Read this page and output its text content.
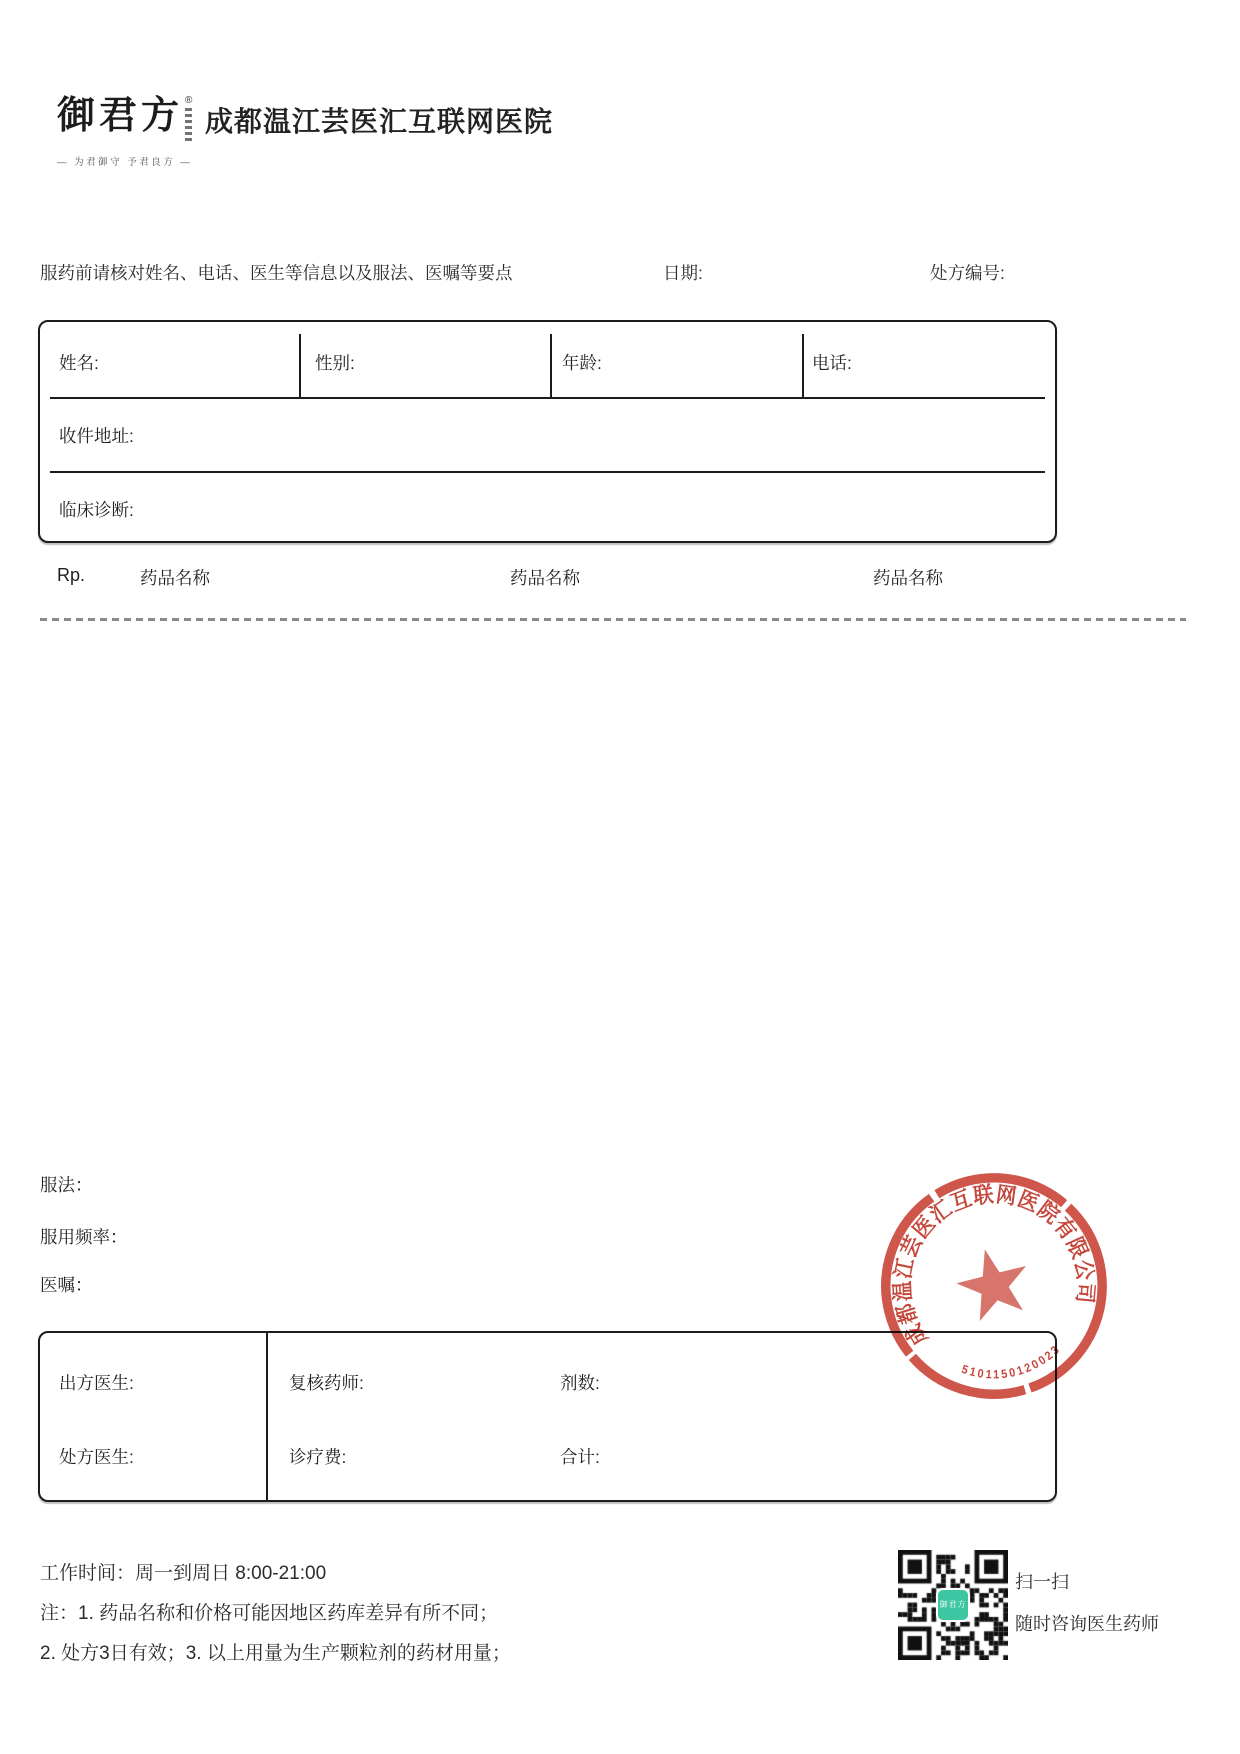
御君方 ®
— 为君御守 予君良方 —
成都温江芸医汇互联网医院
服药前请核对姓名、电话、医生等信息以及服法、医嘱等要点	日期:	处方编号:
姓名:	性别:	年龄:	电话:
收件地址:
临床诊断:
Rp.	药品名称	药品名称	药品名称
服法：
服用频率：
医嘱：
出方医生:
处方医生:
复核药师:	剂数:
诊疗费:	合计:
成都温江芸医汇互联网医院有限公司
5101150120023
工作时间：周一到周日 8:00-21:00
注：1. 药品名称和价格可能因地区药库差异有所不同；
2. 处方3日有效；3. 以上用量为生产颗粒剂的药材用量；
御君方
扫一扫
随时咨询医生药师
